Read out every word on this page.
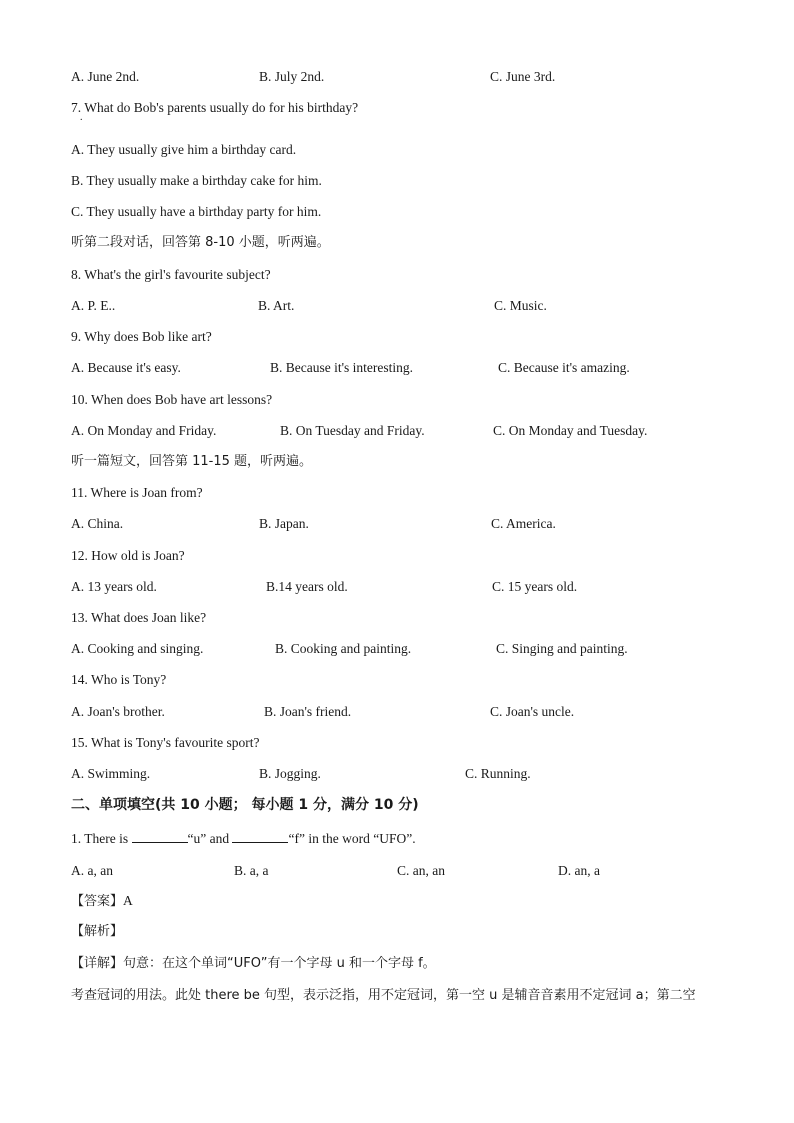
A. June 2nd.	B. July 2nd.	C. June 3rd.
7. What do Bob's parents usually do for his birthday?
.
A. They usually give him a birthday card.
B. They usually make a birthday cake for him.
C. They usually have a birthday party for him.
听第二段对话，回答第 8-10 小题，听两遍。
8. What's the girl's favourite subject?
A. P. E..	B. Art.	C. Music.
9. Why does Bob like art?
A. Because it's easy.	B. Because it's interesting.	C. Because it's amazing.
10. When does Bob have art lessons?
A. On Monday and Friday.	B. On Tuesday and Friday.	C. On Monday and Tuesday.
听一篇短文，回答第 11-15 题，听两遍。
11. Where is Joan from?
A. China.	B. Japan.	C. America.
12. How old is Joan?
A. 13 years old.	B.14 years old.	C. 15 years old.
13. What does Joan like?
A. Cooking and singing.	B. Cooking and painting.	C. Singing and painting.
14. Who is Tony?
A. Joan's brother.	B. Joan's friend.	C. Joan's uncle.
15. What is Tony's favourite sport?
A. Swimming.	B. Jogging.	C. Running.
二、单项填空(共 10 小题； 每小题 1 分，满分 10 分)
1. There is	“u” and	“f” in the word “UFO”.
A. a, an	B. a, a	C. an, an	D. an, a
【答案】A
【解析】
【详解】句意：在这个单词“UFO”有一个字母 u 和一个字母 f。
考查冠词的用法。此处 there be 句型，表示泛指，用不定冠词，第一空 u 是辅音音素用不定冠词 a；第二空
